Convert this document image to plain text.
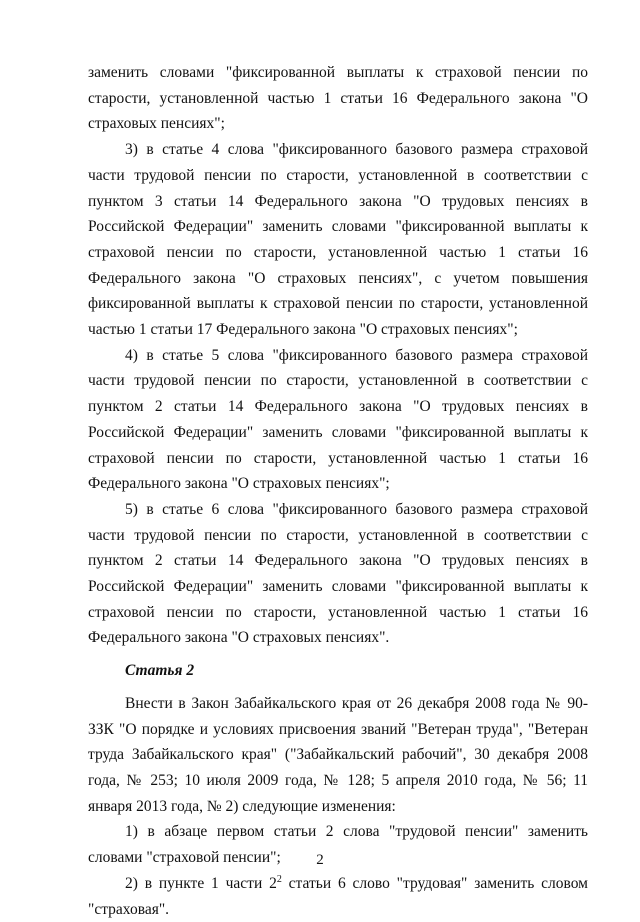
заменить словами "фиксированной выплаты к страховой пенсии по старости, установленной частью 1 статьи 16 Федерального закона "О страховых пенсиях";

3) в статье 4 слова "фиксированного базового размера страховой части трудовой пенсии по старости, установленной в соответствии с пунктом 3 статьи 14 Федерального закона "О трудовых пенсиях в Российской Федерации" заменить словами "фиксированной выплаты к страховой пенсии по старости, установленной частью 1 статьи 16 Федерального закона "О страховых пенсиях", с учетом повышения фиксированной выплаты к страховой пенсии по старости, установленной частью 1 статьи 17 Федерального закона "О страховых пенсиях";

4) в статье 5 слова "фиксированного базового размера страховой части трудовой пенсии по старости, установленной в соответствии с пунктом 2 статьи 14 Федерального закона "О трудовых пенсиях в Российской Федерации" заменить словами "фиксированной выплаты к страховой пенсии по старости, установленной частью 1 статьи 16 Федерального закона "О страховых пенсиях";

5) в статье 6 слова "фиксированного базового размера страховой части трудовой пенсии по старости, установленной в соответствии с пунктом 2 статьи 14 Федерального закона "О трудовых пенсиях в Российской Федерации" заменить словами "фиксированной выплаты к страховой пенсии по старости, установленной частью 1 статьи 16 Федерального закона "О страховых пенсиях".

Статья 2

Внести в Закон Забайкальского края от 26 декабря 2008 года № 90-ЗЗК "О порядке и условиях присвоения званий "Ветеран труда", "Ветеран труда Забайкальского края" ("Забайкальский рабочий", 30 декабря 2008 года, № 253; 10 июля 2009 года, № 128; 5 апреля 2010 года, № 56; 11 января 2013 года, № 2) следующие изменения:

1) в абзаце первом статьи 2 слова "трудовой пенсии" заменить словами "страховой пенсии";

2) в пункте 1 части $2^2$ статьи 6 слово "трудовая" заменить словом "страховая".

2
